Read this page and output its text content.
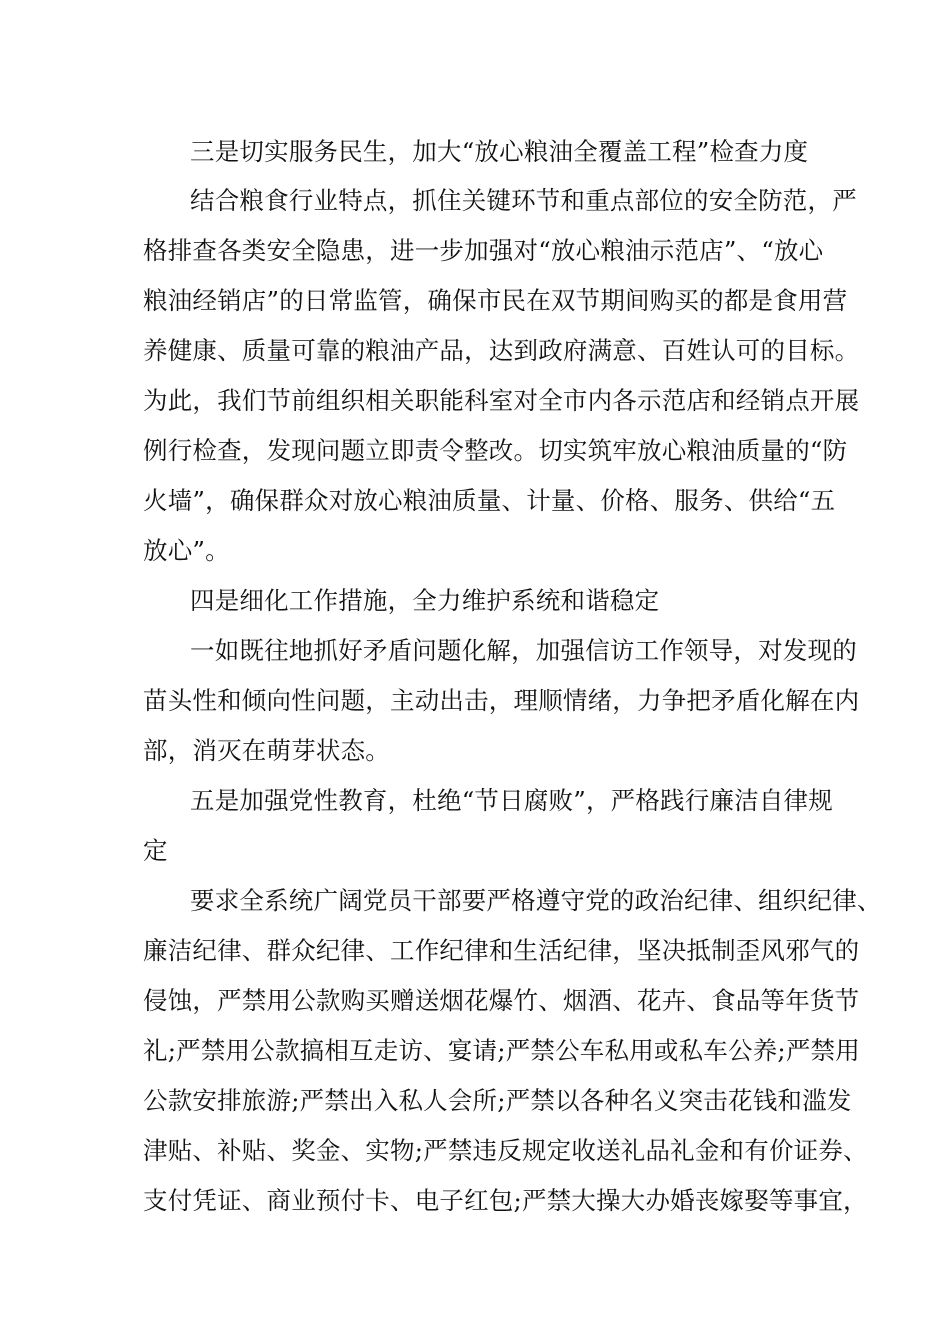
三是切实服务民生，加大“放心粮油全覆盖工程”检查力度
结合粮食行业特点，抓住关键环节和重点部位的安全防范，严
格排查各类安全隐患，进一步加强对“放心粮油示范店”、“放心
粮油经销店”的日常监管，确保市民在双节期间购买的都是食用营
养健康、质量可靠的粮油产品，达到政府满意、百姓认可的目标。
为此，我们节前组织相关职能科室对全市内各示范店和经销点开展
例行检查，发现问题立即责令整改。切实筑牢放心粮油质量的“防
火墙”，确保群众对放心粮油质量、计量、价格、服务、供给“五
放心”。
四是细化工作措施，全力维护系统和谐稳定
一如既往地抓好矛盾问题化解，加强信访工作领导，对发现的
苗头性和倾向性问题，主动出击，理顺情绪，力争把矛盾化解在内
部，消灭在萌芽状态。
五是加强党性教育，杜绝“节日腐败”，严格践行廉洁自律规
定
要求全系统广阔党员干部要严格遵守党的政治纪律、组织纪律、
廉洁纪律、群众纪律、工作纪律和生活纪律，坚决抵制歪风邪气的
侵蚀，严禁用公款购买赠送烟花爆竹、烟酒、花卉、食品等年货节
礼;严禁用公款搞相互走访、宴请;严禁公车私用或私车公养;严禁用
公款安排旅游;严禁出入私人会所;严禁以各种名义突击花钱和滥发
津贴、补贴、奖金、实物;严禁违反规定收送礼品礼金和有价证券、
支付凭证、商业预付卡、电子红包;严禁大操大办婚丧嫁娶等事宜，
